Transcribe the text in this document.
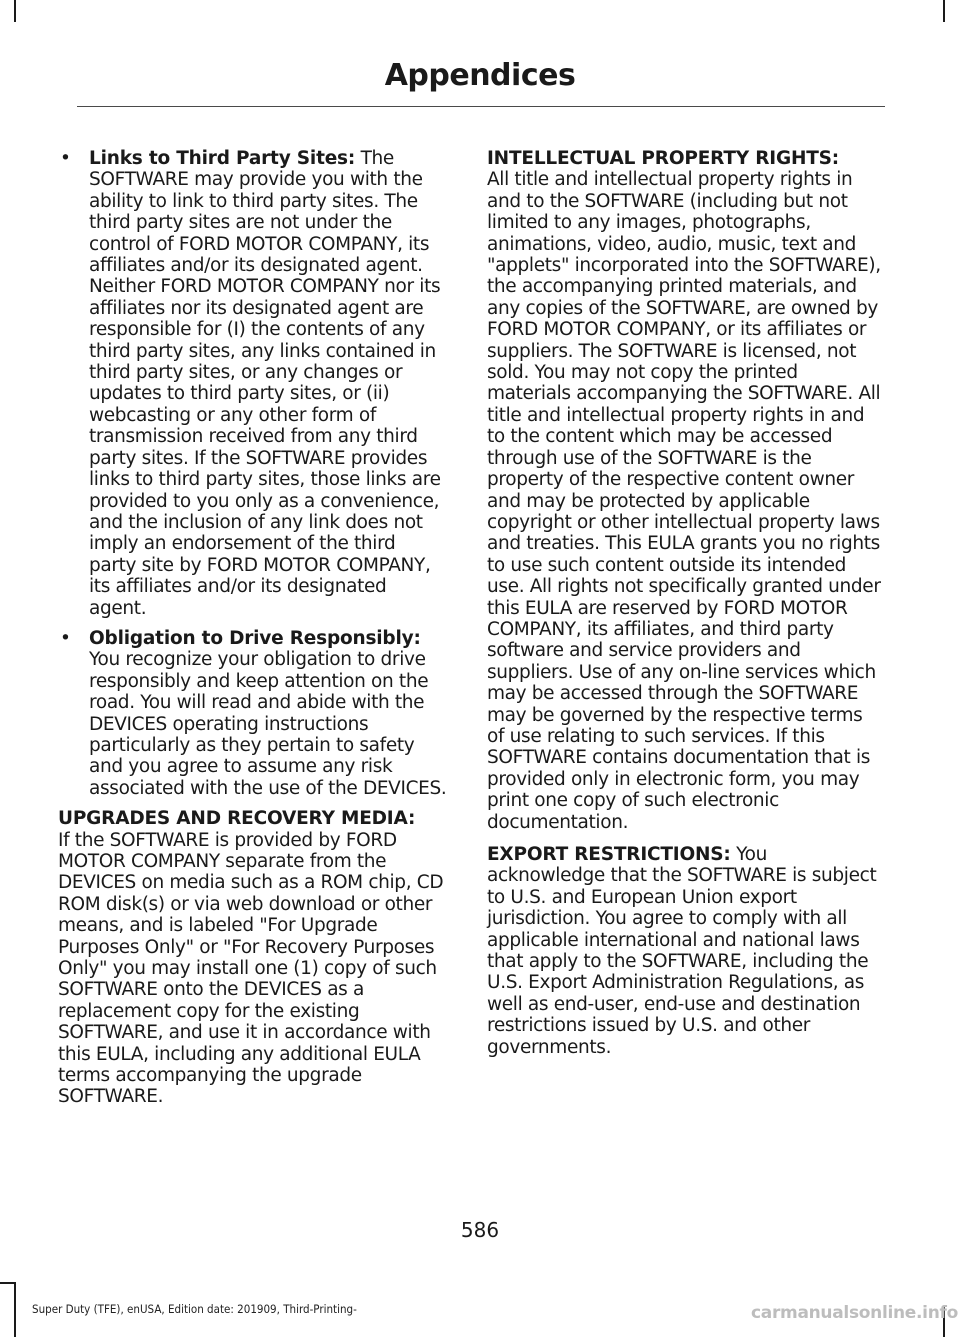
Appendices
• Links to Third Party Sites: The SOFTWARE may provide you with the ability to link to third party sites. The third party sites are not under the control of FORD MOTOR COMPANY, its affiliates and/or its designated agent. Neither FORD MOTOR COMPANY nor its affiliates nor its designated agent are responsible for (I) the contents of any third party sites, any links contained in third party sites, or any changes or updates to third party sites, or (ii) webcasting or any other form of transmission received from any third party sites. If the SOFTWARE provides links to third party sites, those links are provided to you only as a convenience, and the inclusion of any link does not imply an endorsement of the third party site by FORD MOTOR COMPANY, its affiliates and/or its designated agent.
• Obligation to Drive Responsibly: You recognize your obligation to drive responsibly and keep attention on the road. You will read and abide with the DEVICES operating instructions particularly as they pertain to safety and you agree to assume any risk associated with the use of the DEVICES.

UPGRADES AND RECOVERY MEDIA:
If the SOFTWARE is provided by FORD MOTOR COMPANY separate from the DEVICES on media such as a ROM chip, CD ROM disk(s) or via web download or other means, and is labeled "For Upgrade Purposes Only" or "For Recovery Purposes Only" you may install one (1) copy of such SOFTWARE onto the DEVICES as a replacement copy for the existing SOFTWARE, and use it in accordance with this EULA, including any additional EULA terms accompanying the upgrade SOFTWARE.

INTELLECTUAL PROPERTY RIGHTS:
All title and intellectual property rights in and to the SOFTWARE (including but not limited to any images, photographs, animations, video, audio, music, text and "applets" incorporated into the SOFTWARE), the accompanying printed materials, and any copies of the SOFTWARE, are owned by FORD MOTOR COMPANY, or its affiliates or suppliers. The SOFTWARE is licensed, not sold. You may not copy the printed materials accompanying the SOFTWARE. All title and intellectual property rights in and to the content which may be accessed through use of the SOFTWARE is the property of the respective content owner and may be protected by applicable copyright or other intellectual property laws and treaties. This EULA grants you no rights to use such content outside its intended use. All rights not specifically granted under this EULA are reserved by FORD MOTOR COMPANY, its affiliates, and third party software and service providers and suppliers. Use of any on-line services which may be accessed through the SOFTWARE may be governed by the respective terms of use relating to such services. If this SOFTWARE contains documentation that is provided only in electronic form, you may print one copy of such electronic documentation.

EXPORT RESTRICTIONS: You acknowledge that the SOFTWARE is subject to U.S. and European Union export jurisdiction. You agree to comply with all applicable international and national laws that apply to the SOFTWARE, including the U.S. Export Administration Regulations, as well as end-user, end-use and destination restrictions issued by U.S. and other governments.

586
Super Duty (TFE), enUSA, Edition date: 201909, Third-Printing-	carmanualsonline.info
